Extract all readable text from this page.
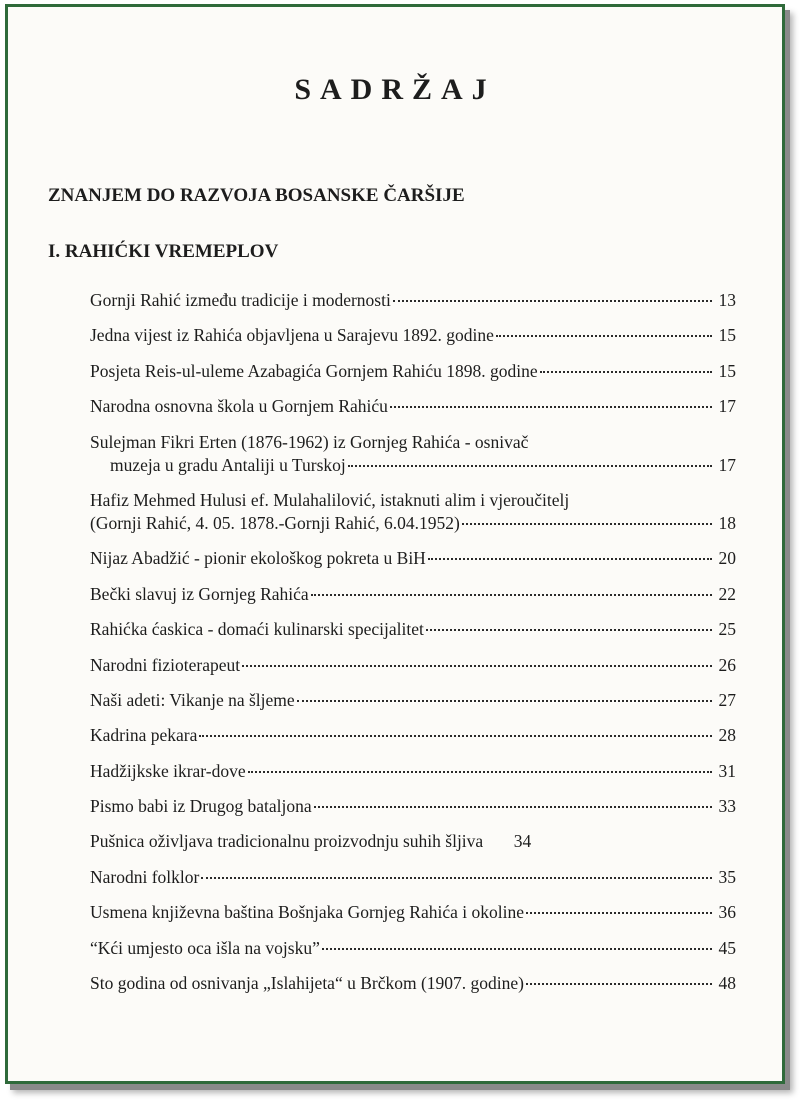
SADRŽAJ
ZNANJEM DO RAZVOJA BOSANSKE ČARŠIJE
I. RAHIĆKI VREMEPLOV
Gornji Rahić između tradicije i modernosti	13
Jedna vijest iz Rahića objavljena u Sarajevu 1892. godine	15
Posjeta Reis-ul-uleme Azabagića Gornjem Rahiću 1898. godine	15
Narodna osnovna škola u Gornjem Rahiću	17
Sulejman Fikri Erten (1876-1962) iz Gornjeg Rahića - osnivač
muzeja u gradu Antaliji u Turskoj	17
Hafiz Mehmed Hulusi ef. Mulahalilović, istaknuti alim i vjeroučitelj
(Gornji Rahić, 4. 05. 1878.-Gornji Rahić, 6.04.1952)	18
Nijaz Abadžić - pionir ekološkog pokreta u BiH	20
Bečki slavuj iz Gornjeg Rahića	22
Rahićka ćaskica - domaći kulinarski specijalitet	25
Narodni fizioterapeut	26
Naši adeti: Vikanje na šljeme	27
Kadrina pekara	28
Hadžijkske ikrar-dove	31
Pismo babi iz Drugog bataljona	33
Pušnica oživljava tradicionalnu proizvodnju suhih šljiva 34
Narodni folklor	35
Usmena književna baština Bošnjaka Gornjeg Rahića i okoline	36
“Kći umjesto oca išla na vojsku”	45
Sto godina od osnivanja „Islahijeta“ u Brčkom (1907. godine)	48
